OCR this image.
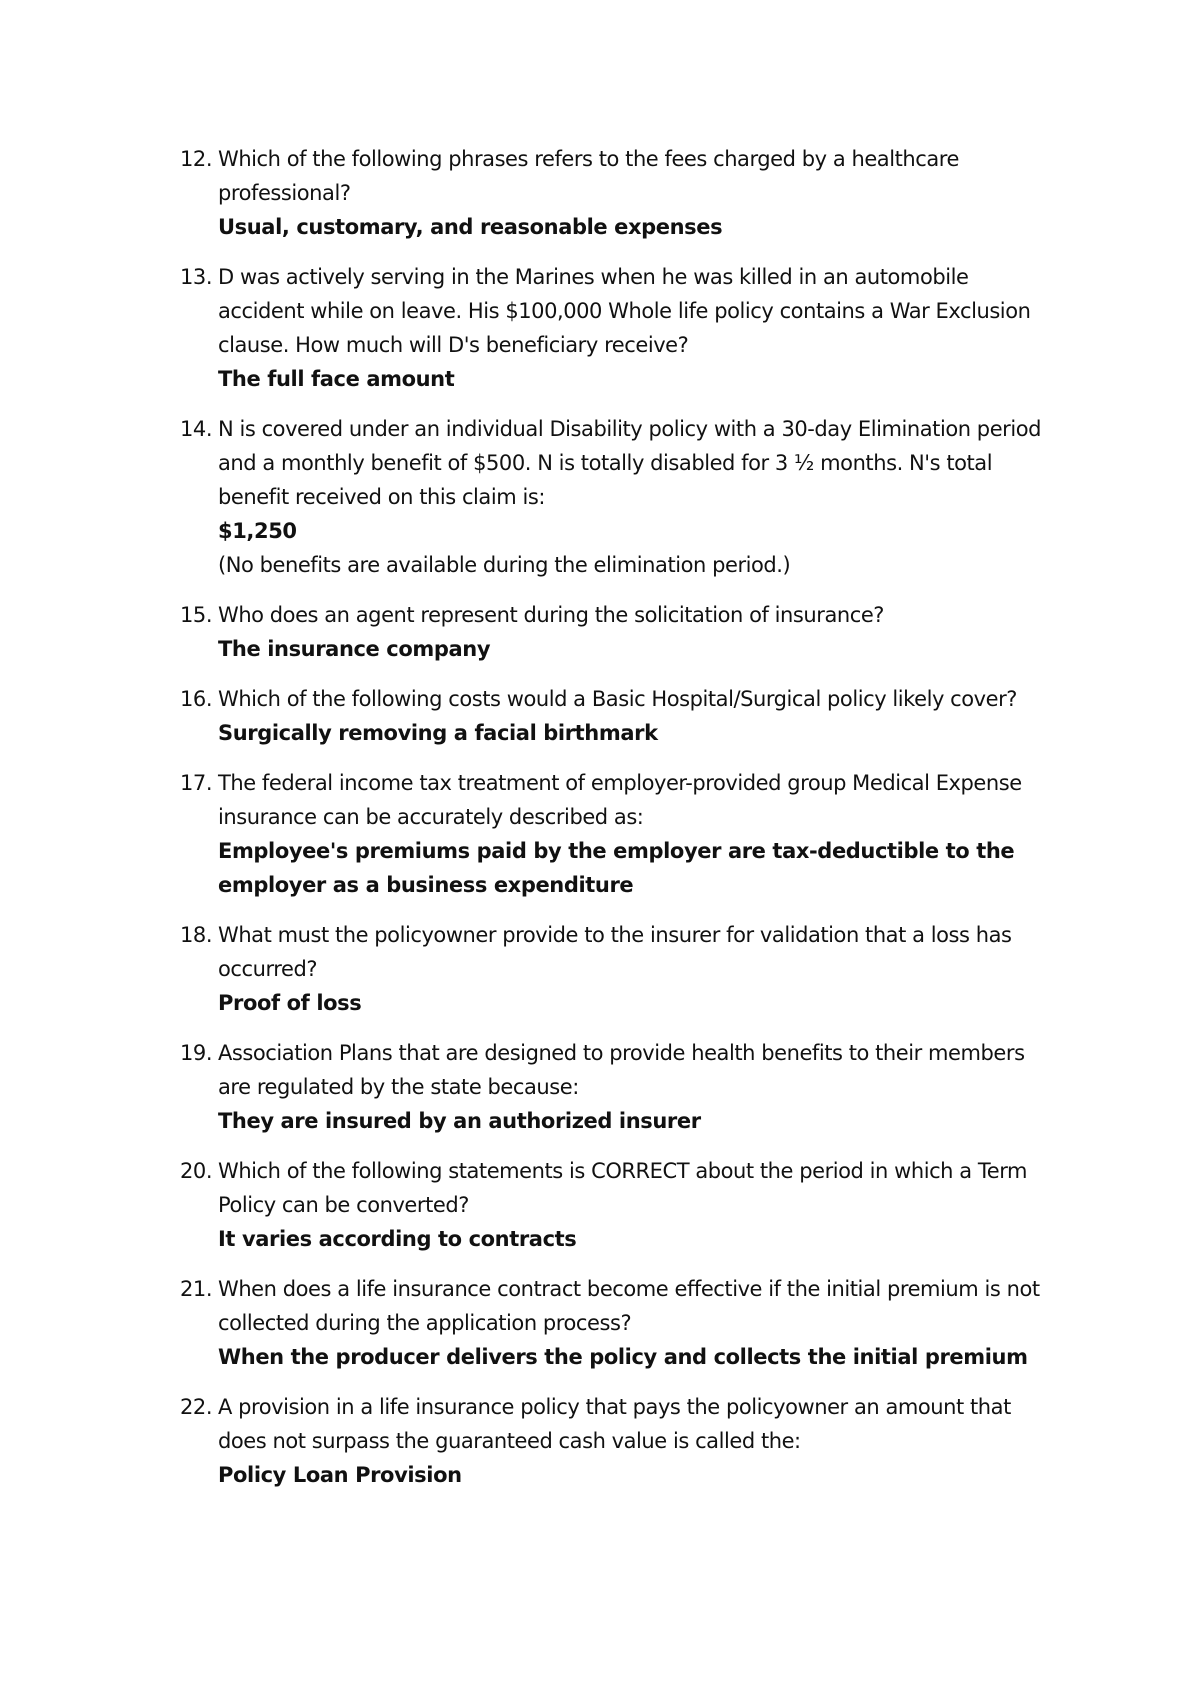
12. Which of the following phrases refers to the fees charged by a healthcare professional?
Usual, customary, and reasonable expenses
13. D was actively serving in the Marines when he was killed in an automobile accident while on leave. His $100,000 Whole life policy contains a War Exclusion clause. How much will D's beneficiary receive?
The full face amount
14. N is covered under an individual Disability policy with a 30-day Elimination period and a monthly benefit of $500. N is totally disabled for 3 ½ months. N's total benefit received on this claim is:
$1,250
(No benefits are available during the elimination period.)
15. Who does an agent represent during the solicitation of insurance?
The insurance company
16. Which of the following costs would a Basic Hospital/Surgical policy likely cover?
Surgically removing a facial birthmark
17. The federal income tax treatment of employer-provided group Medical Expense insurance can be accurately described as:
Employee's premiums paid by the employer are tax-deductible to the employer as a business expenditure
18. What must the policyowner provide to the insurer for validation that a loss has occurred?
Proof of loss
19. Association Plans that are designed to provide health benefits to their members are regulated by the state because:
They are insured by an authorized insurer
20. Which of the following statements is CORRECT about the period in which a Term Policy can be converted?
It varies according to contracts
21. When does a life insurance contract become effective if the initial premium is not collected during the application process?
When the producer delivers the policy and collects the initial premium
22. A provision in a life insurance policy that pays the policyowner an amount that does not surpass the guaranteed cash value is called the:
Policy Loan Provision
